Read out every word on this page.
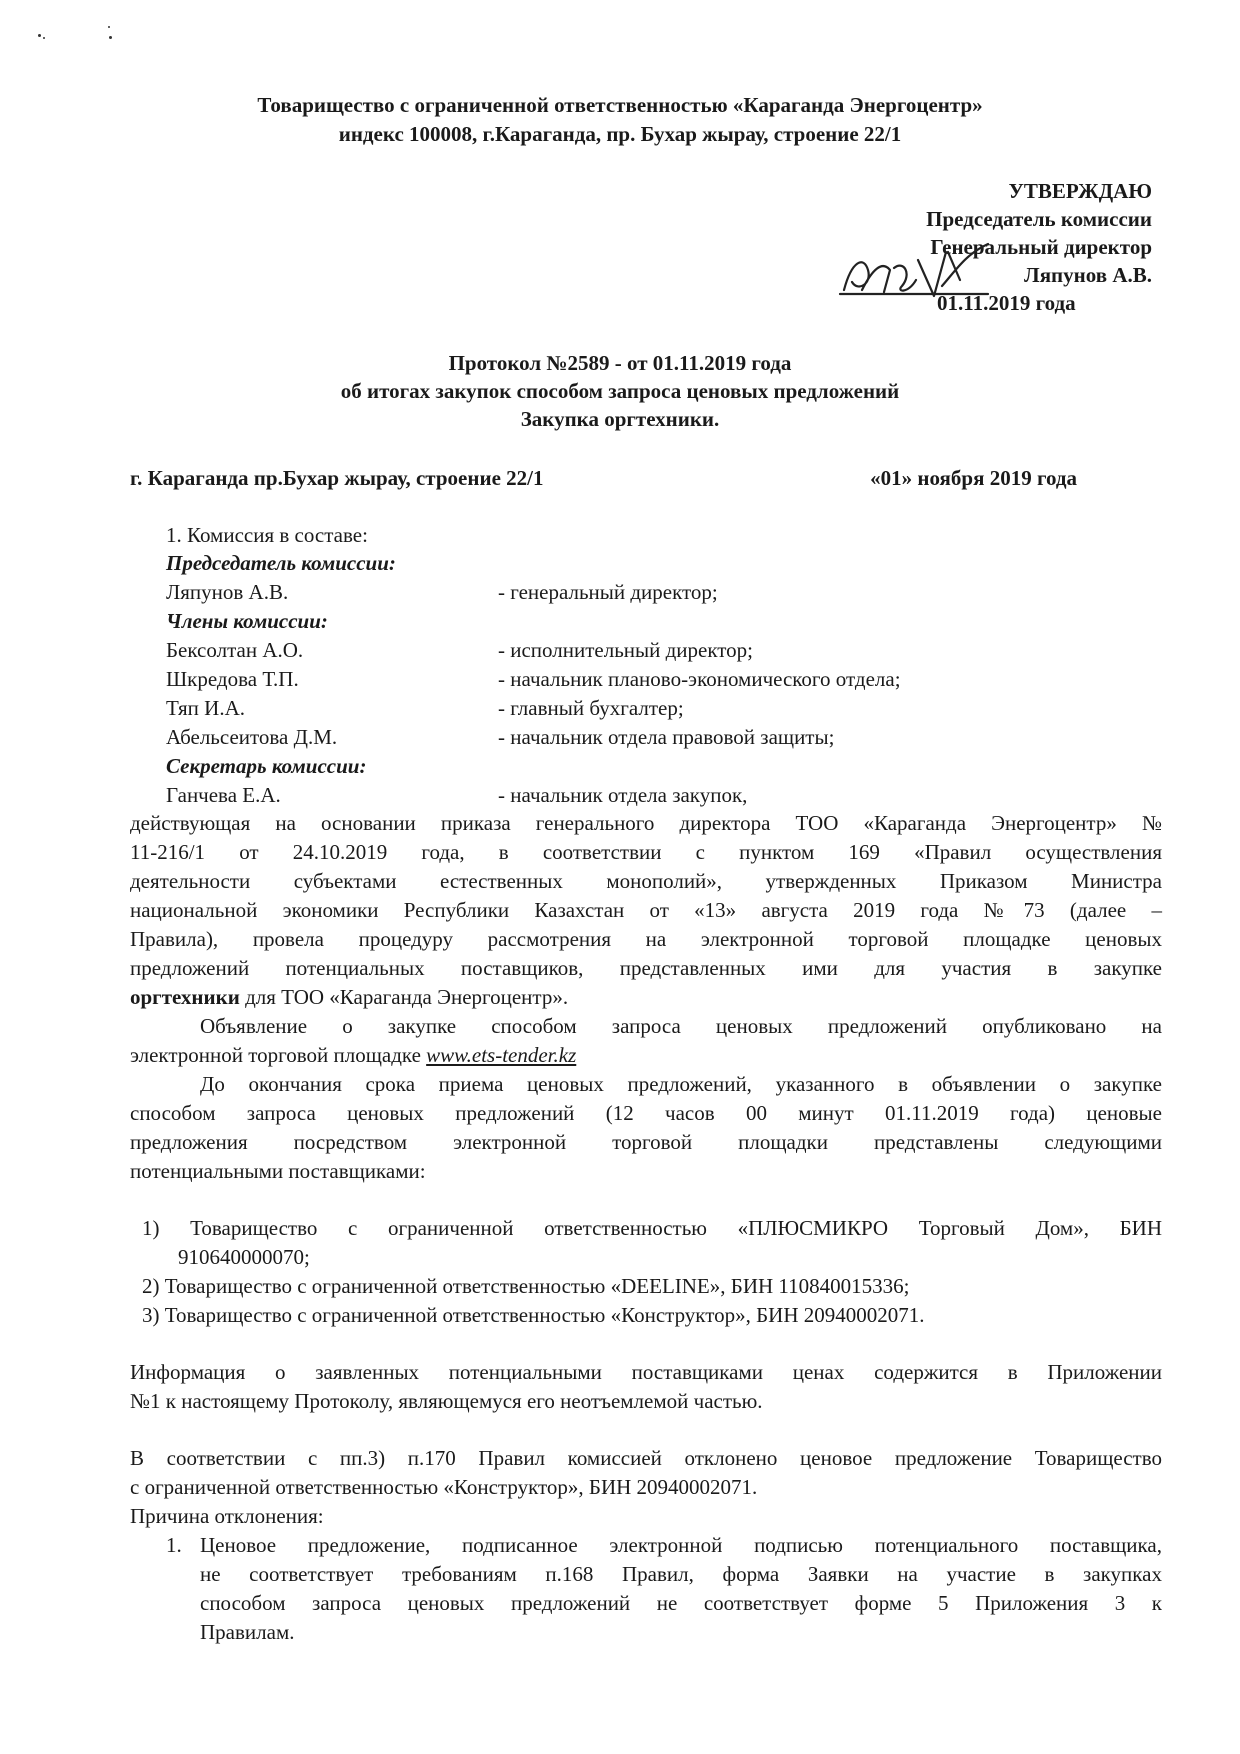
Товарищество с ограниченной ответственностью «Караганда Энергоцентр»
индекс 100008, г.Караганда, пр. Бухар жырау, строение 22/1
УТВЕРЖДАЮ
Председатель комиссии
Генеральный директор
Ляпунов А.В.
01.11.2019 года
Протокол №2589 - от 01.11.2019 года
об итогах закупок способом запроса ценовых предложений
Закупка оргтехники.
г. Караганда пр.Бухар жырау, строение 22/1	«01» ноября 2019 года
1. Комиссия в составе:
Председатель комиссии:
Ляпунов А.В.	- генеральный директор;
Члены комиссии:
Бексолтан А.О.	- исполнительный директор;
Шкредова Т.П.	- начальник планово-экономического отдела;
Тяп И.А.	- главный бухгалтер;
Абельсеитова Д.М.	- начальник отдела правовой защиты;
Секретарь комиссии:
Ганчева Е.А.	- начальник отдела закупок,
действующая на основании приказа генерального директора ТОО «Караганда Энергоцентр» №
11-216/1 от 24.10.2019 года, в соответствии с пунктом 169 «Правил осуществления
деятельности субъектами естественных монополий», утвержденных Приказом Министра
национальной экономики Республики Казахстан от «13» августа 2019 года №73 (далее –
Правила), провела процедуру рассмотрения на электронной торговой площадке ценовых
предложений потенциальных поставщиков, представленных ими для участия в закупке
оргтехники для ТОО «Караганда Энергоцентр».
Объявление о закупке способом запроса ценовых предложений опубликовано на
электронной торговой площадке www.ets-tender.kz
До окончания срока приема ценовых предложений, указанного в объявлении о закупке
способом запроса ценовых предложений (12 часов 00 минут 01.11.2019 года) ценовые
предложения посредством электронной торговой площадки представлены следующими
потенциальными поставщиками:
1) Товарищество с ограниченной ответственностью «ПЛЮСМИКРО Торговый Дом», БИН
910640000070;
2) Товарищество с ограниченной ответственностью «DEELINE», БИН 110840015336;
3) Товарищество с ограниченной ответственностью «Конструктор», БИН 20940002071.
Информация о заявленных потенциальными поставщиками ценах содержится в Приложении
№1 к настоящему Протоколу, являющемуся его неотъемлемой частью.
В соответствии с пп.3) п.170 Правил комиссией отклонено ценовое предложение Товарищество
с ограниченной ответственностью «Конструктор», БИН 20940002071.
Причина отклонения:
1. Ценовое предложение, подписанное электронной подписью потенциального поставщика,
не соответствует требованиям п.168 Правил, форма Заявки на участие в закупках
способом запроса ценовых предложений не соответствует форме 5 Приложения 3 к
Правилам.
